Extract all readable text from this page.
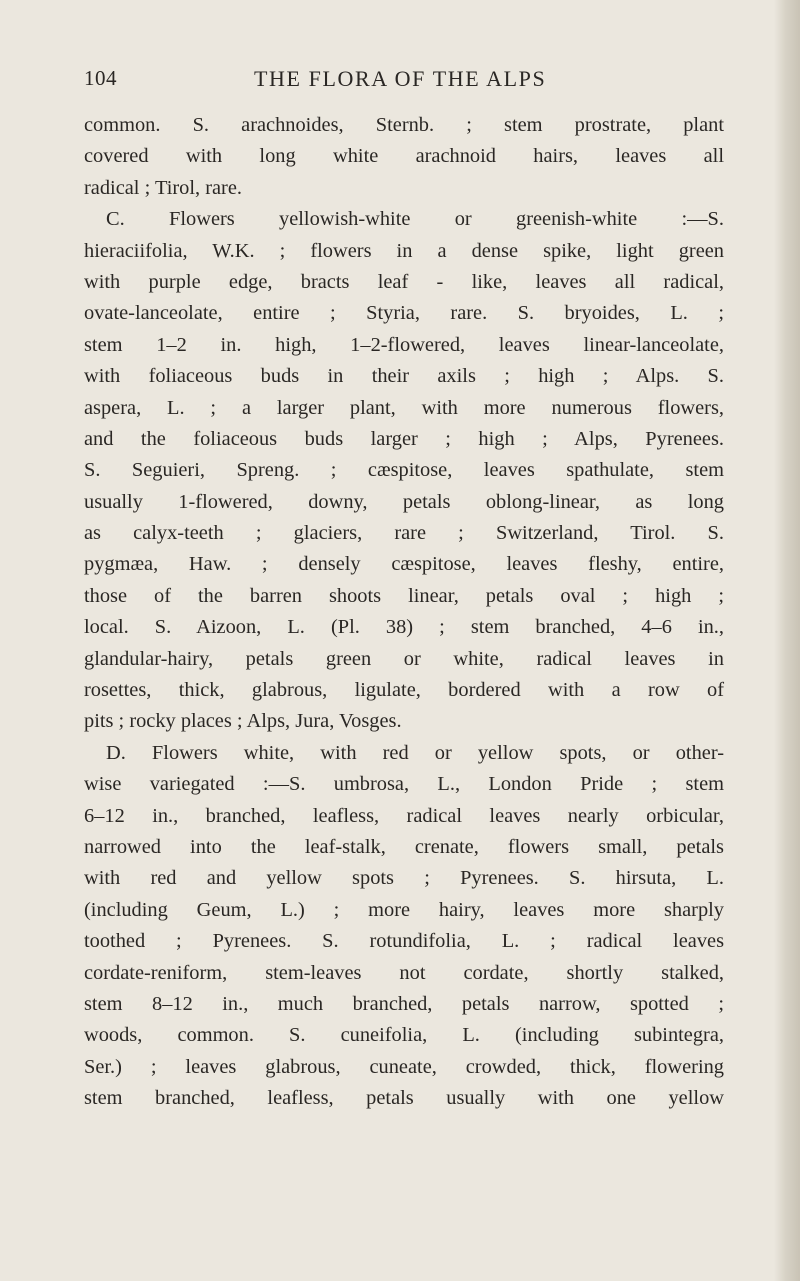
104	THE FLORA OF THE ALPS
common. S. arachnoides, Sternb. ; stem prostrate, plant
covered with long white arachnoid hairs, leaves all
radical ; Tirol, rare.
C. Flowers yellowish-white or greenish-white :—S.
hieraciifolia, W.K. ; flowers in a dense spike, light green
with purple edge, bracts leaf - like, leaves all radical,
ovate-lanceolate, entire ; Styria, rare. S. bryoides, L. ;
stem 1–2 in. high, 1–2-flowered, leaves linear-lanceolate,
with foliaceous buds in their axils ; high ; Alps. S.
aspera, L. ; a larger plant, with more numerous flowers,
and the foliaceous buds larger ; high ; Alps, Pyrenees.
S. Seguieri, Spreng. ; cæspitose, leaves spathulate, stem
usually 1-flowered, downy, petals oblong-linear, as long
as calyx-teeth ; glaciers, rare ; Switzerland, Tirol. S.
pygmæa, Haw. ; densely cæspitose, leaves fleshy, entire,
those of the barren shoots linear, petals oval ; high ;
local. S. Aizoon, L. (Pl. 38) ; stem branched, 4–6 in.,
glandular-hairy, petals green or white, radical leaves in
rosettes, thick, glabrous, ligulate, bordered with a row of
pits ; rocky places ; Alps, Jura, Vosges.
D. Flowers white, with red or yellow spots, or other-
wise variegated :—S. umbrosa, L., London Pride ; stem
6–12 in., branched, leafless, radical leaves nearly orbicular,
narrowed into the leaf-stalk, crenate, flowers small, petals
with red and yellow spots ; Pyrenees. S. hirsuta, L.
(including Geum, L.) ; more hairy, leaves more sharply
toothed ; Pyrenees. S. rotundifolia, L. ; radical leaves
cordate-reniform, stem-leaves not cordate, shortly stalked,
stem 8–12 in., much branched, petals narrow, spotted ;
woods, common. S. cuneifolia, L. (including subintegra,
Ser.) ; leaves glabrous, cuneate, crowded, thick, flowering
stem branched, leafless, petals usually with one yellow
